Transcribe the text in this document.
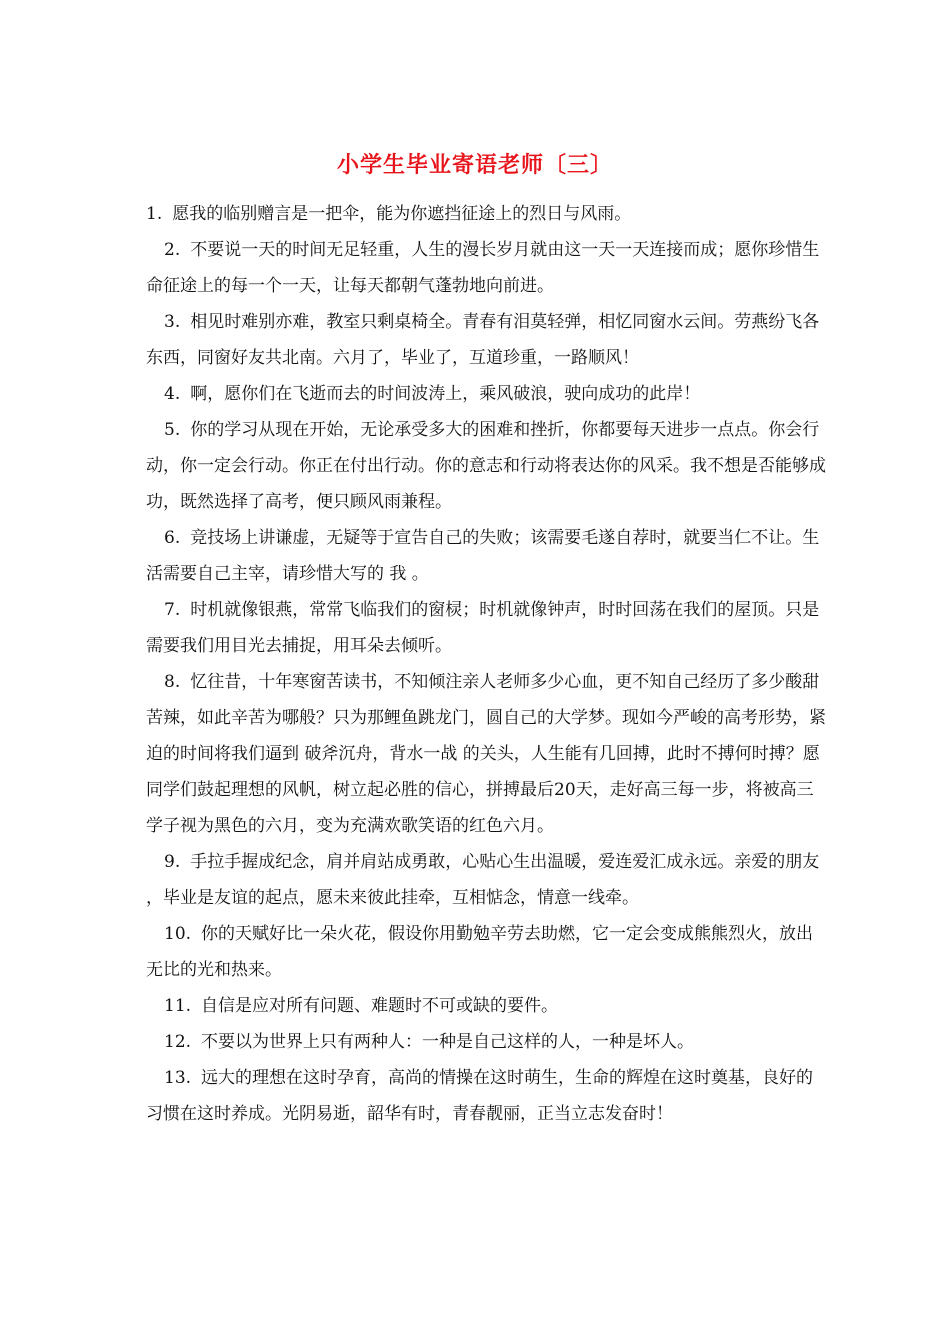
小学生毕业寄语老师〔三〕

1. 愿我的临别赠言是一把伞，能为你遮挡征途上的烈日与风雨。

2. 不要说一天的时间无足轻重，人生的漫长岁月就由这一天一天连接而成；愿你珍惜生命征途上的每一个一天，让每天都朝气蓬勃地向前进。

3. 相见时难别亦难，教室只剩桌椅全。青春有泪莫轻弹，相忆同窗水云间。劳燕纷飞各东西，同窗好友共北南。六月了，毕业了，互道珍重，一路顺风！

4. 啊，愿你们在飞逝而去的时间波涛上，乘风破浪，驶向成功的此岸！

5. 你的学习从现在开始，无论承受多大的困难和挫折，你都要每天进步一点点。你会行动，你一定会行动。你正在付出行动。你的意志和行动将表达你的风采。我不想是否能够成功，既然选择了高考，便只顾风雨兼程。

6. 竞技场上讲谦虚，无疑等于宣告自己的失败；该需要毛遂自荐时，就要当仁不让。生活需要自己主宰，请珍惜大写的 我 。

7. 时机就像银燕，常常飞临我们的窗棂；时机就像钟声，时时回荡在我们的屋顶。只是需要我们用目光去捕捉，用耳朵去倾听。

8. 忆往昔，十年寒窗苦读书，不知倾注亲人老师多少心血，更不知自己经历了多少酸甜苦辣，如此辛苦为哪般？只为那鲤鱼跳龙门，圆自己的大学梦。现如今严峻的高考形势，紧迫的时间将我们逼到 破斧沉舟，背水一战 的关头，人生能有几回搏，此时不搏何时搏？愿同学们鼓起理想的风帆，树立起必胜的信心，拼搏最后20天，走好高三每一步，将被高三学子视为黑色的六月，变为充满欢歌笑语的红色六月。

9. 手拉手握成纪念，肩并肩站成勇敢，心贴心生出温暖，爱连爱汇成永远。亲爱的朋友，毕业是友谊的起点，愿未来彼此挂牵，互相惦念，情意一线牵。

10. 你的天赋好比一朵火花，假设你用勤勉辛劳去助燃，它一定会变成熊熊烈火，放出无比的光和热来。

11. 自信是应对所有问题、难题时不可或缺的要件。

12. 不要以为世界上只有两种人：一种是自己这样的人，一种是坏人。

13. 远大的理想在这时孕育，高尚的情操在这时萌生，生命的辉煌在这时奠基，良好的习惯在这时养成。光阴易逝，韶华有时，青春靓丽，正当立志发奋时！
